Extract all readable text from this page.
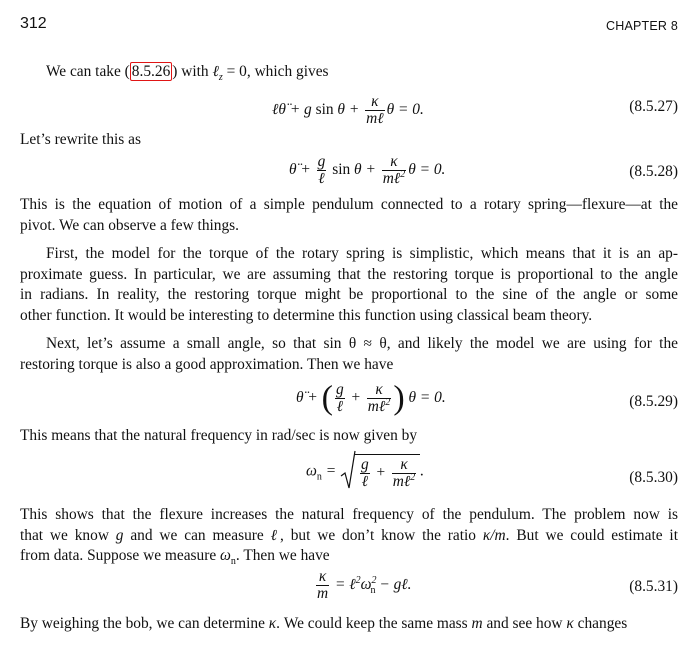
312	CHAPTER 8
We can take ( 8.5.26 ) with ℓ$_z$ = 0, which gives
ℓθ̈ + g $\sin \theta + \frac{\kappa}{\text{mℓ}}$ θ = 0.	(8.5.27)
Let’s rewrite this as
θ̈ + $\frac{g}{\text{ℓ}}$ $\sin \theta + \frac{\kappa}{m\ell^2}$ θ = 0.	(8.5.28)
This is the equation of motion of a simple pendulum connected to a rotary spring—flexure—at the
pivot. We can observe a few things.
First, the model for the torque of the rotary spring is simplistic, which means that it is an ap-
proximate guess. In particular, we are assuming that the restoring torque is proportional to the angle
in radians. In reality, the restoring torque might be proportional to the sine of the angle or some
other function. It would be interesting to determine this function using classical beam theory.
Next, let’s assume a small angle, so that sin θ ≈ θ, and likely the model we are using for the
restoring torque is also a good approximation. Then we have
θ̈ + ( $\frac{g}{\text{ℓ}} + \frac{\kappa}{m\ell^2}$ ) θ = 0.	(8.5.29)
This means that the natural frequency in rad/sec is now given by
$\omega_n = \frac{g}{\text{ℓ}} + \frac{\kappa}{m\ell^2}$ .	(8.5.30)
This shows that the flexure increases the natural frequency of the pendulum. The problem now is
that we know g and we can measure ℓ, but we don’t know the ratio κ/m. But we could estimate it
from data. Suppose we measure $\omega_n$. Then we have
$\frac{\kappa}{m}$ = $\ell^2\omega^2_n$ − gℓ.	(8.5.31)
By weighing the bob, we can determine κ. We could keep the same mass m and see how κ changes
